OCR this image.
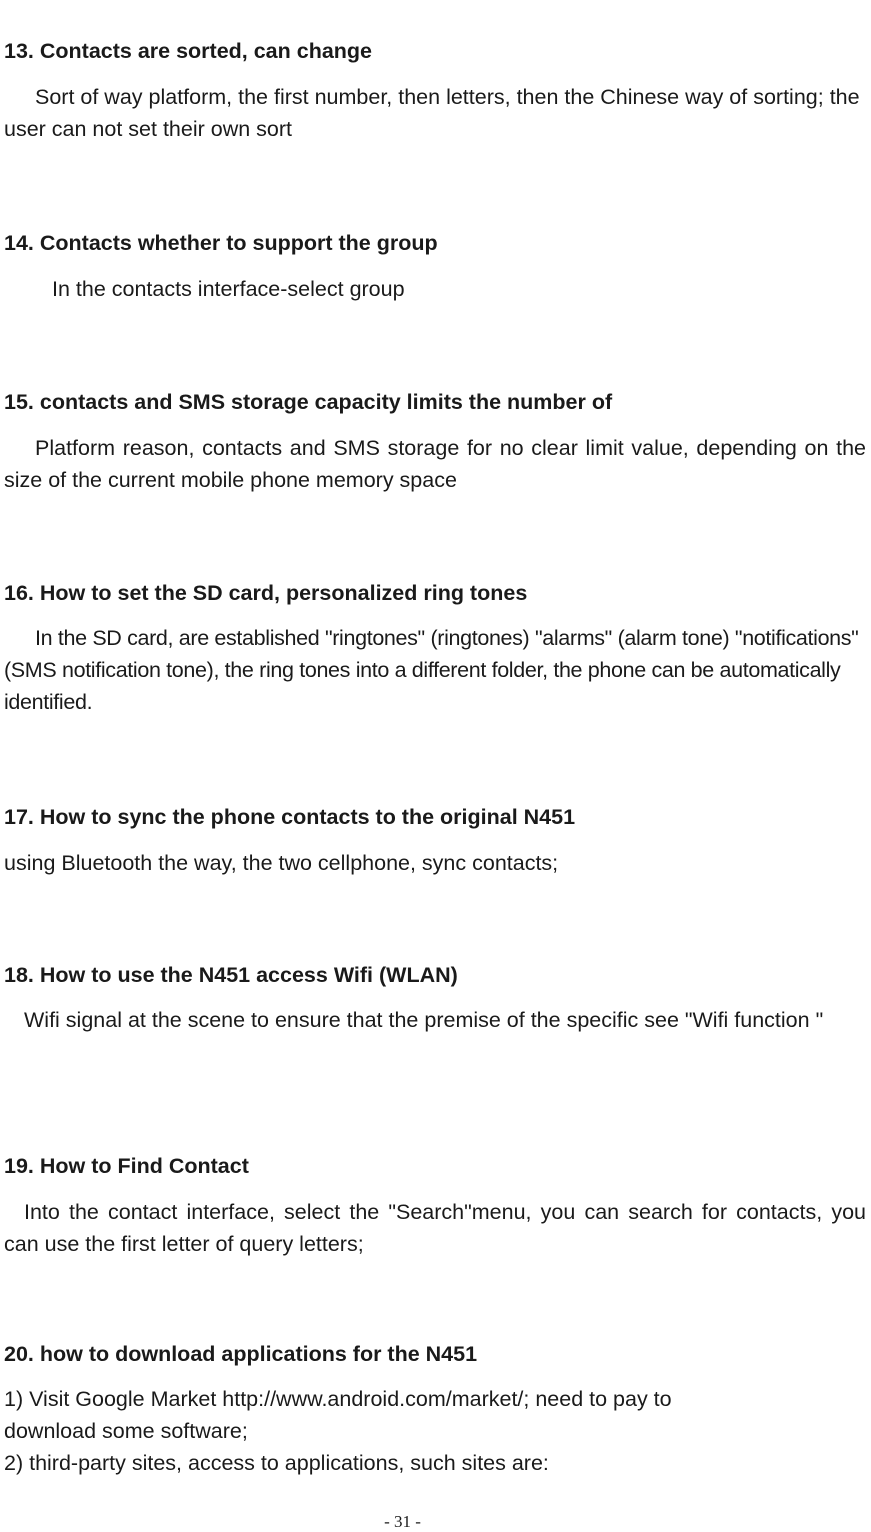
13. Contacts are sorted, can change

Sort of way platform, the first number, then letters, then the Chinese way of sorting; the user can not set their own sort

14. Contacts whether to support the group

In the contacts interface-select group

15. contacts and SMS storage capacity limits the number of

Platform reason, contacts and SMS storage for no clear limit value, depending on the size of the current mobile phone memory space

16. How to set the SD card, personalized ring tones

In the SD card, are established "ringtones" (ringtones) "alarms" (alarm tone) "notifications" (SMS notification tone), the ring tones into a different folder, the phone can be automatically identified.

17. How to sync the phone contacts to the original N451

using Bluetooth the way, the two cellphone, sync contacts;

18. How to use the N451 access Wifi (WLAN)

Wifi signal at the scene to ensure that the premise of the specific see "Wifi function "

19. How to Find Contact

Into the contact interface, select the "Search"menu, you can search for contacts, you can use the first letter of query letters;

20. how to download applications for the N451
1) Visit Google Market http://www.android.com/market/; need to pay to
download some software;
2) third-party sites, access to applications, such sites are:
- 31 -
